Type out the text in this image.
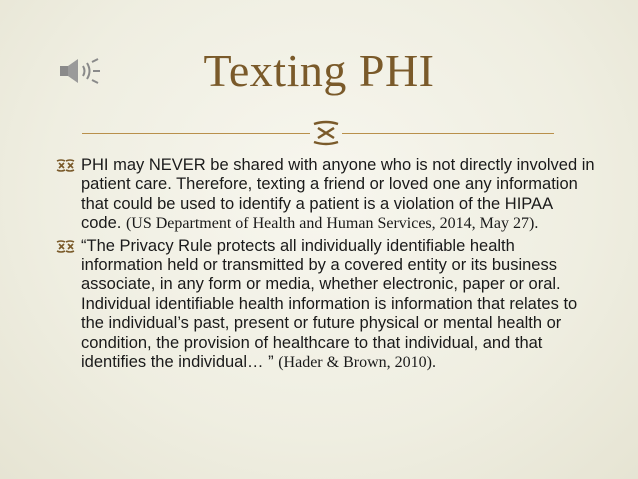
Texting PHI
PHI may NEVER be shared with anyone who is not directly involved in patient care. Therefore, texting a friend or loved one any information that could be used to identify a patient is a violation of the HIPAA code. (US Department of Health and Human Services, 2014, May 27).
“The Privacy Rule protects all individually identifiable health information held or transmitted by a covered entity or its business associate, in any form or media, whether electronic, paper or oral. Individual identifiable health information is information that relates to the individual’s past, present or future physical or mental health or condition, the provision of healthcare to that individual, and that identifies the individual… ” (Hader & Brown, 2010).
